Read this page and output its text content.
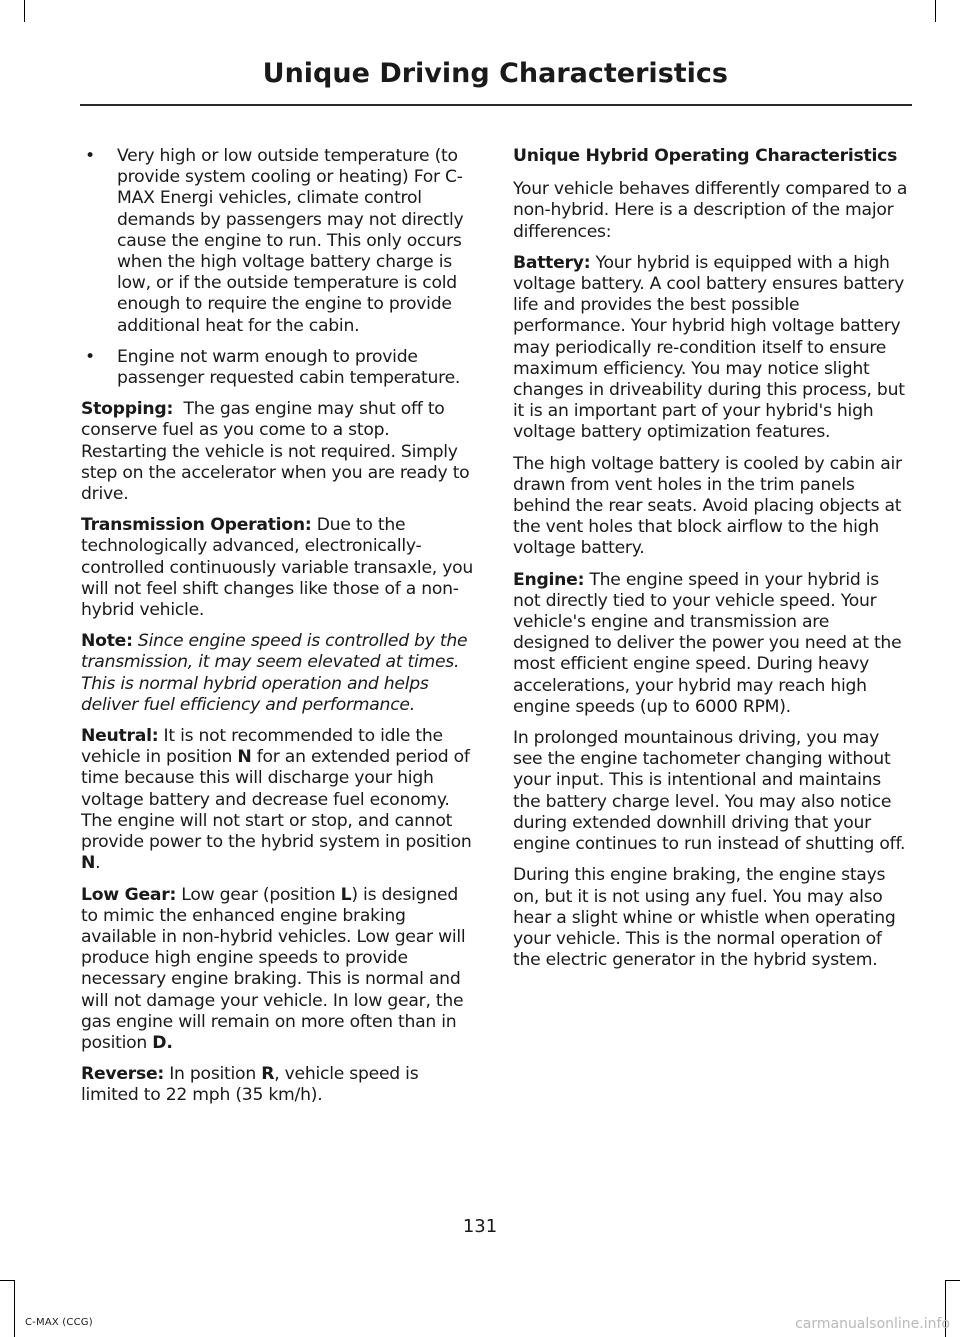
Unique Driving Characteristics
• Very high or low outside temperature (to provide system cooling or heating) For C-MAX Energi vehicles, climate control demands by passengers may not directly cause the engine to run. This only occurs when the high voltage battery charge is low, or if the outside temperature is cold enough to require the engine to provide additional heat for the cabin.
• Engine not warm enough to provide passenger requested cabin temperature.

Stopping:  The gas engine may shut off to conserve fuel as you come to a stop. Restarting the vehicle is not required. Simply step on the accelerator when you are ready to drive.

Transmission Operation: Due to the technologically advanced, electronically-controlled continuously variable transaxle, you will not feel shift changes like those of a non-hybrid vehicle.

Note: Since engine speed is controlled by the transmission, it may seem elevated at times. This is normal hybrid operation and helps deliver fuel efficiency and performance.

Neutral: It is not recommended to idle the vehicle in position N for an extended period of time because this will discharge your high voltage battery and decrease fuel economy. The engine will not start or stop, and cannot provide power to the hybrid system in position N.

Low Gear: Low gear (position L) is designed to mimic the enhanced engine braking available in non-hybrid vehicles. Low gear will produce high engine speeds to provide necessary engine braking. This is normal and will not damage your vehicle. In low gear, the gas engine will remain on more often than in position D.

Reverse: In position R, vehicle speed is limited to 22 mph (35 km/h).

Unique Hybrid Operating Characteristics

Your vehicle behaves differently compared to a non-hybrid. Here is a description of the major differences:

Battery: Your hybrid is equipped with a high voltage battery. A cool battery ensures battery life and provides the best possible performance. Your hybrid high voltage battery may periodically re-condition itself to ensure maximum efficiency. You may notice slight changes in driveability during this process, but it is an important part of your hybrid's high voltage battery optimization features.

The high voltage battery is cooled by cabin air drawn from vent holes in the trim panels behind the rear seats. Avoid placing objects at the vent holes that block airflow to the high voltage battery.

Engine: The engine speed in your hybrid is not directly tied to your vehicle speed. Your vehicle's engine and transmission are designed to deliver the power you need at the most efficient engine speed. During heavy accelerations, your hybrid may reach high engine speeds (up to 6000 RPM).

In prolonged mountainous driving, you may see the engine tachometer changing without your input. This is intentional and maintains the battery charge level. You may also notice during extended downhill driving that your engine continues to run instead of shutting off.

During this engine braking, the engine stays on, but it is not using any fuel. You may also hear a slight whine or whistle when operating your vehicle. This is the normal operation of the electric generator in the hybrid system.

131
C-MAX (CCG)	carmanualsonline.info
